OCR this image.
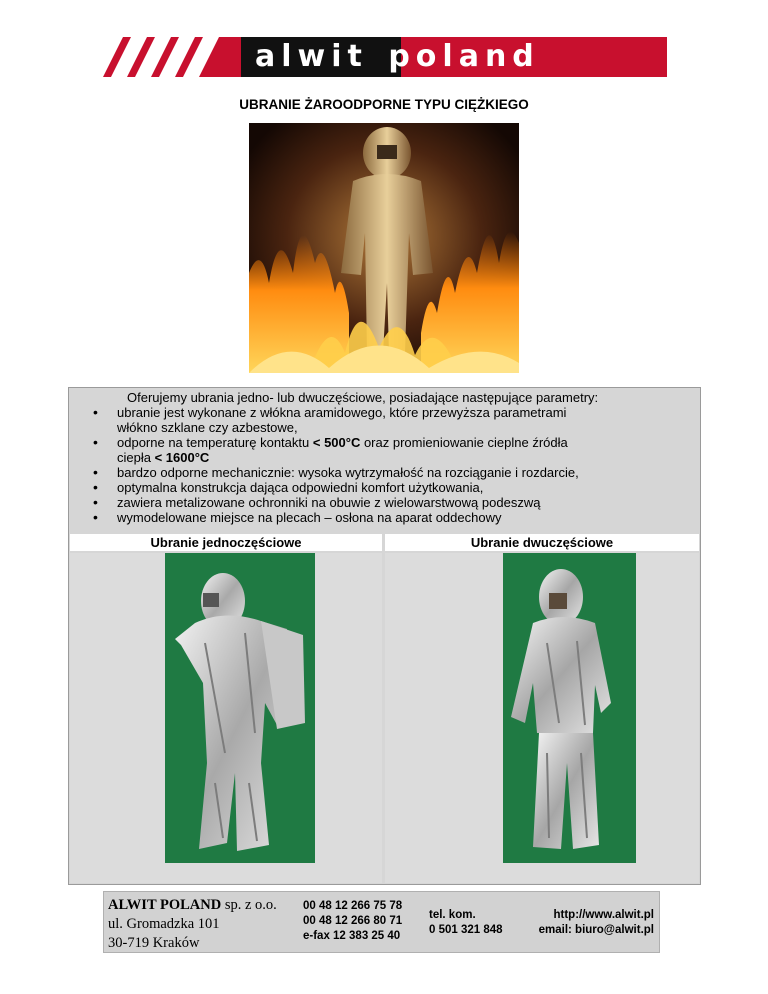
alwit poland
UBRANIE ŻAROODPORNE TYPU CIĘŻKIEGO
Oferujemy ubrania jedno- lub dwuczęściowe, posiadające następujące parametry:
• ubranie jest wykonane z włókna aramidowego, które przewyższa parametrami
włókno szklane czy azbestowe,
• odporne na temperaturę kontaktu < 500°C oraz promieniowanie cieplne źródła
ciepła < 1600°C
• bardzo odporne mechanicznie: wysoka wytrzymałość na rozciąganie i rozdarcie,
• optymalna konstrukcja dająca odpowiedni komfort użytkowania,
• zawiera metalizowane ochronniki na obuwie z wielowarstwową podeszwą
• wymodelowane miejsce na plecach – osłona na aparat oddechowy
Ubranie jednoczęściowe	Ubranie dwuczęściowe
ALWIT POLAND sp. z o.o.
ul. Gromadzka 101
30-719 Kraków
00 48 12 266 75 78
00 48 12 266 80 71
e-fax 12 383 25 40
tel. kom.
0 501 321 848
http://www.alwit.pl
email: biuro@alwit.pl
